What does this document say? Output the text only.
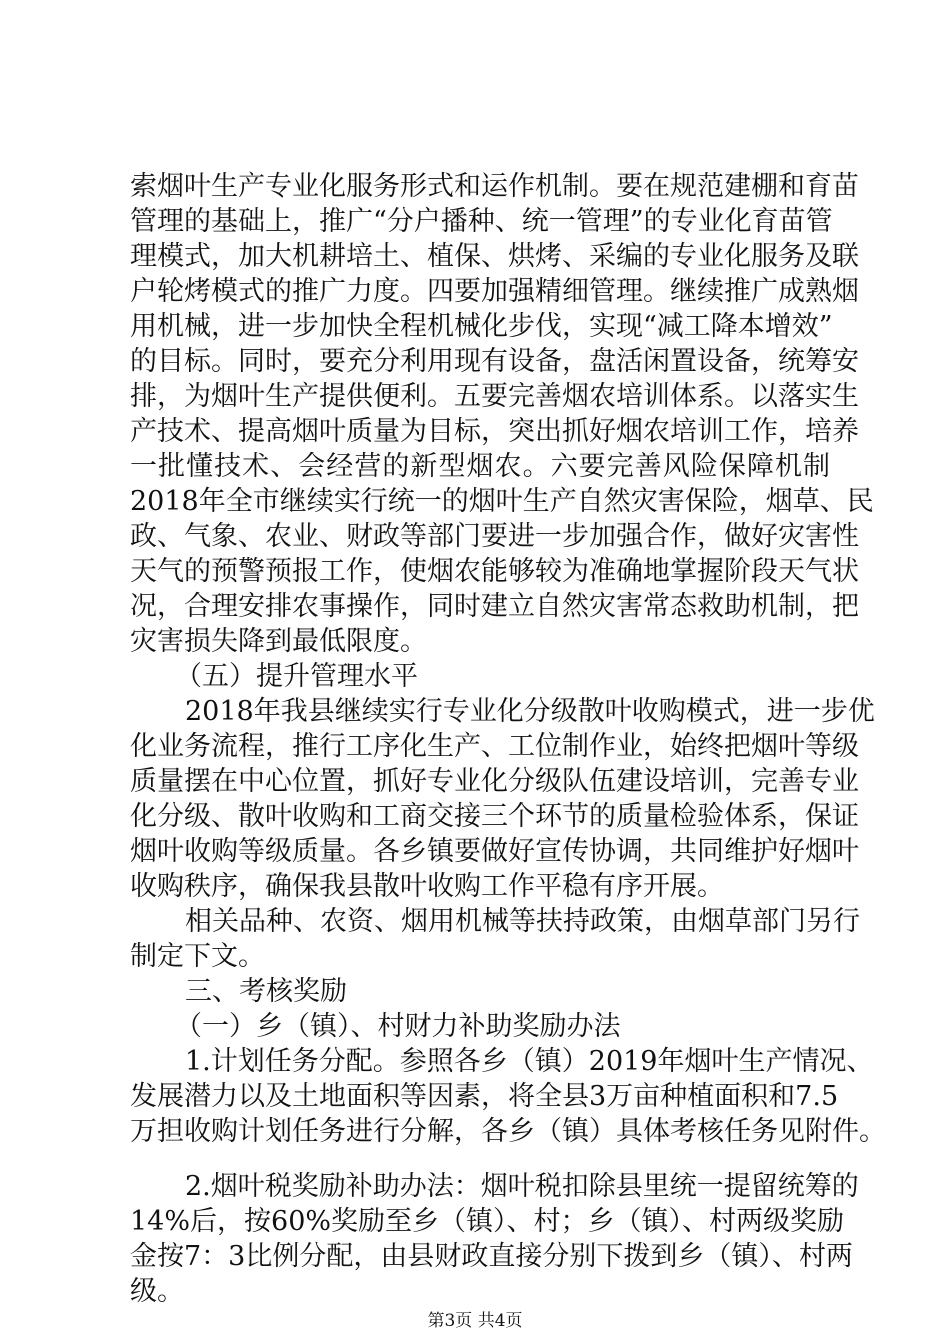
索烟叶生产专业化服务形式和运作机制。要在规范建棚和育苗
管理的基础上，推广“分户播种、统一管理”的专业化育苗管
理模式，加大机耕培土、植保、烘烤、采编的专业化服务及联
户轮烤模式的推广力度。四要加强精细管理。继续推广成熟烟
用机械，进一步加快全程机械化步伐，实现“减工降本增效”
的目标。同时，要充分利用现有设备，盘活闲置设备，统筹安
排，为烟叶生产提供便利。五要完善烟农培训体系。以落实生
产技术、提高烟叶质量为目标，突出抓好烟农培训工作，培养
一批懂技术、会经营的新型烟农。六要完善风险保障机制
2018年全市继续实行统一的烟叶生产自然灾害保险，烟草、民
政、气象、农业、财政等部门要进一步加强合作，做好灾害性
天气的预警预报工作，使烟农能够较为准确地掌握阶段天气状
况，合理安排农事操作，同时建立自然灾害常态救助机制，把
灾害损失降到最低限度。
（五）提升管理水平
2018年我县继续实行专业化分级散叶收购模式，进一步优
化业务流程，推行工序化生产、工位制作业，始终把烟叶等级
质量摆在中心位置，抓好专业化分级队伍建设培训，完善专业
化分级、散叶收购和工商交接三个环节的质量检验体系，保证
烟叶收购等级质量。各乡镇要做好宣传协调，共同维护好烟叶
收购秩序，确保我县散叶收购工作平稳有序开展。
相关品种、农资、烟用机械等扶持政策，由烟草部门另行
制定下文。
三、考核奖励
（一）乡（镇）、村财力补助奖励办法
1.计划任务分配。参照各乡（镇）2019年烟叶生产情况、
发展潜力以及土地面积等因素，将全县3万亩种植面积和7.5
万担收购计划任务进行分解，各乡（镇）具体考核任务见附件。
2.烟叶税奖励补助办法：烟叶税扣除县里统一提留统筹的
14%后，按60%奖励至乡（镇）、村；乡（镇）、村两级奖励
金按7：3比例分配，由县财政直接分别下拨到乡（镇）、村两
级。
第3页 共4页
